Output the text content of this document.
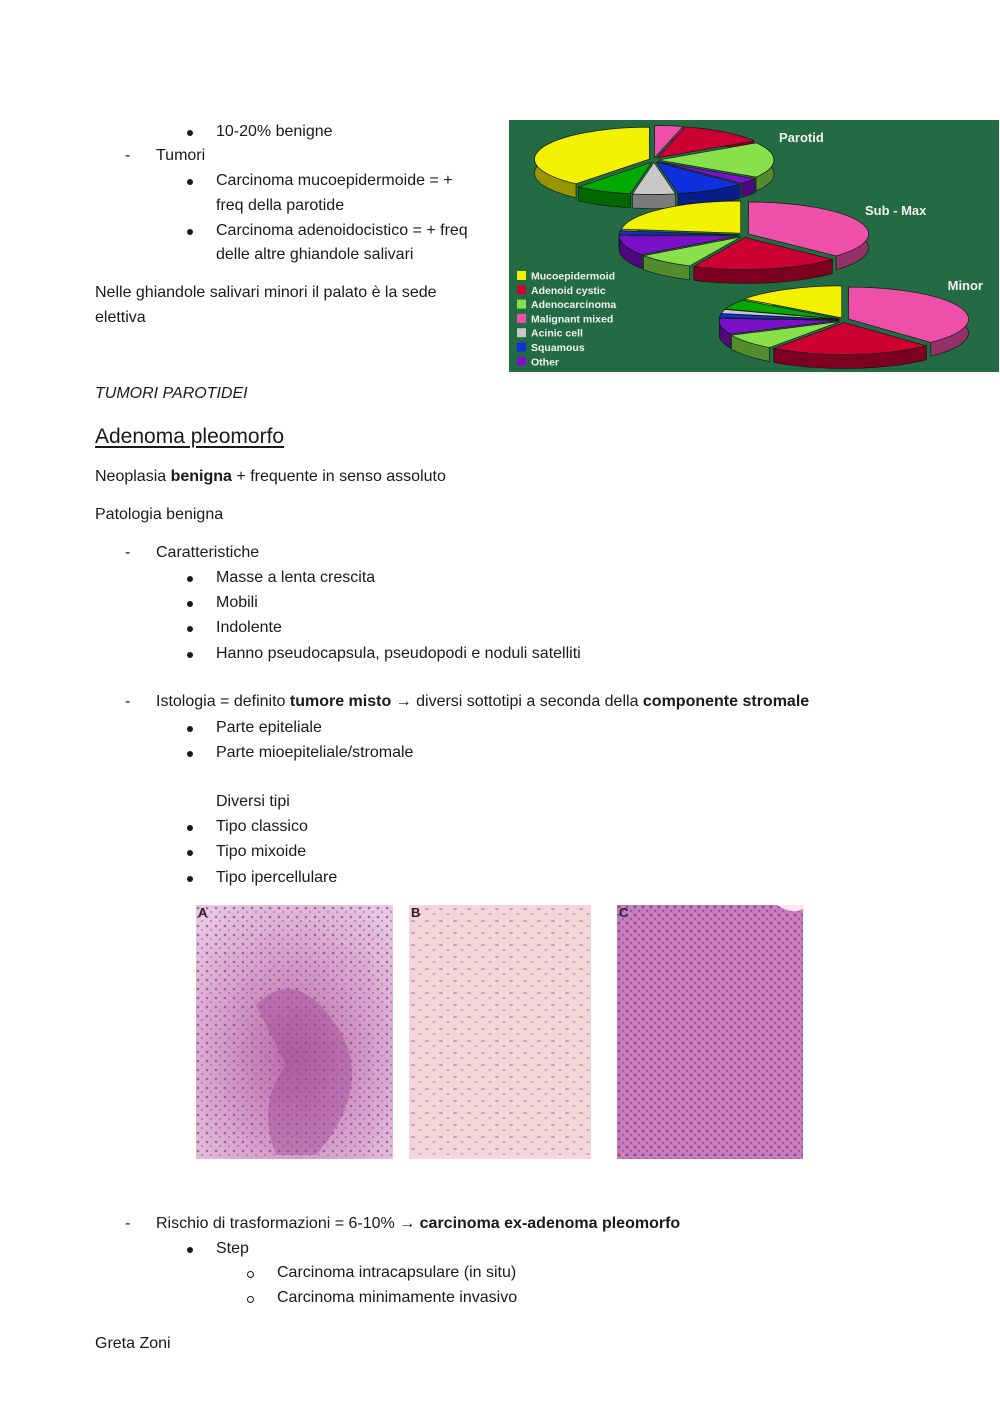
10-20% benigne
- Tumori
Carcinoma mucoepidermoide = +
freq della parotide
Carcinoma adenoidocistico = + freq
delle altre ghiandole salivari
Nelle ghiandole salivari minori il palato è la sede
elettiva
Parotid
Sub - Max
Minor
Mucoepidermoid
Adenoid cystic
Adenocarcinoma
Malignant mixed
Acinic cell
Squamous
Other
TUMORI PAROTIDEI
Adenoma pleomorfo
Neoplasia benigna + frequente in senso assoluto
Patologia benigna
- Caratteristiche
Masse a lenta crescita
Mobili
Indolente
Hanno pseudocapsula, pseudopodi e noduli satelliti
- Istologia = definito tumore misto → diversi sottotipi a seconda della componente stromale
Parte epiteliale
Parte mioepiteliale/stromale
Diversi tipi
Tipo classico
Tipo mixoide
Tipo ipercellulare
A	B	C
- Rischio di trasformazioni = 6-10% → carcinoma ex-adenoma pleomorfo
Step
Carcinoma intracapsulare (in situ)
Carcinoma minimamente invasivo
Greta Zoni
